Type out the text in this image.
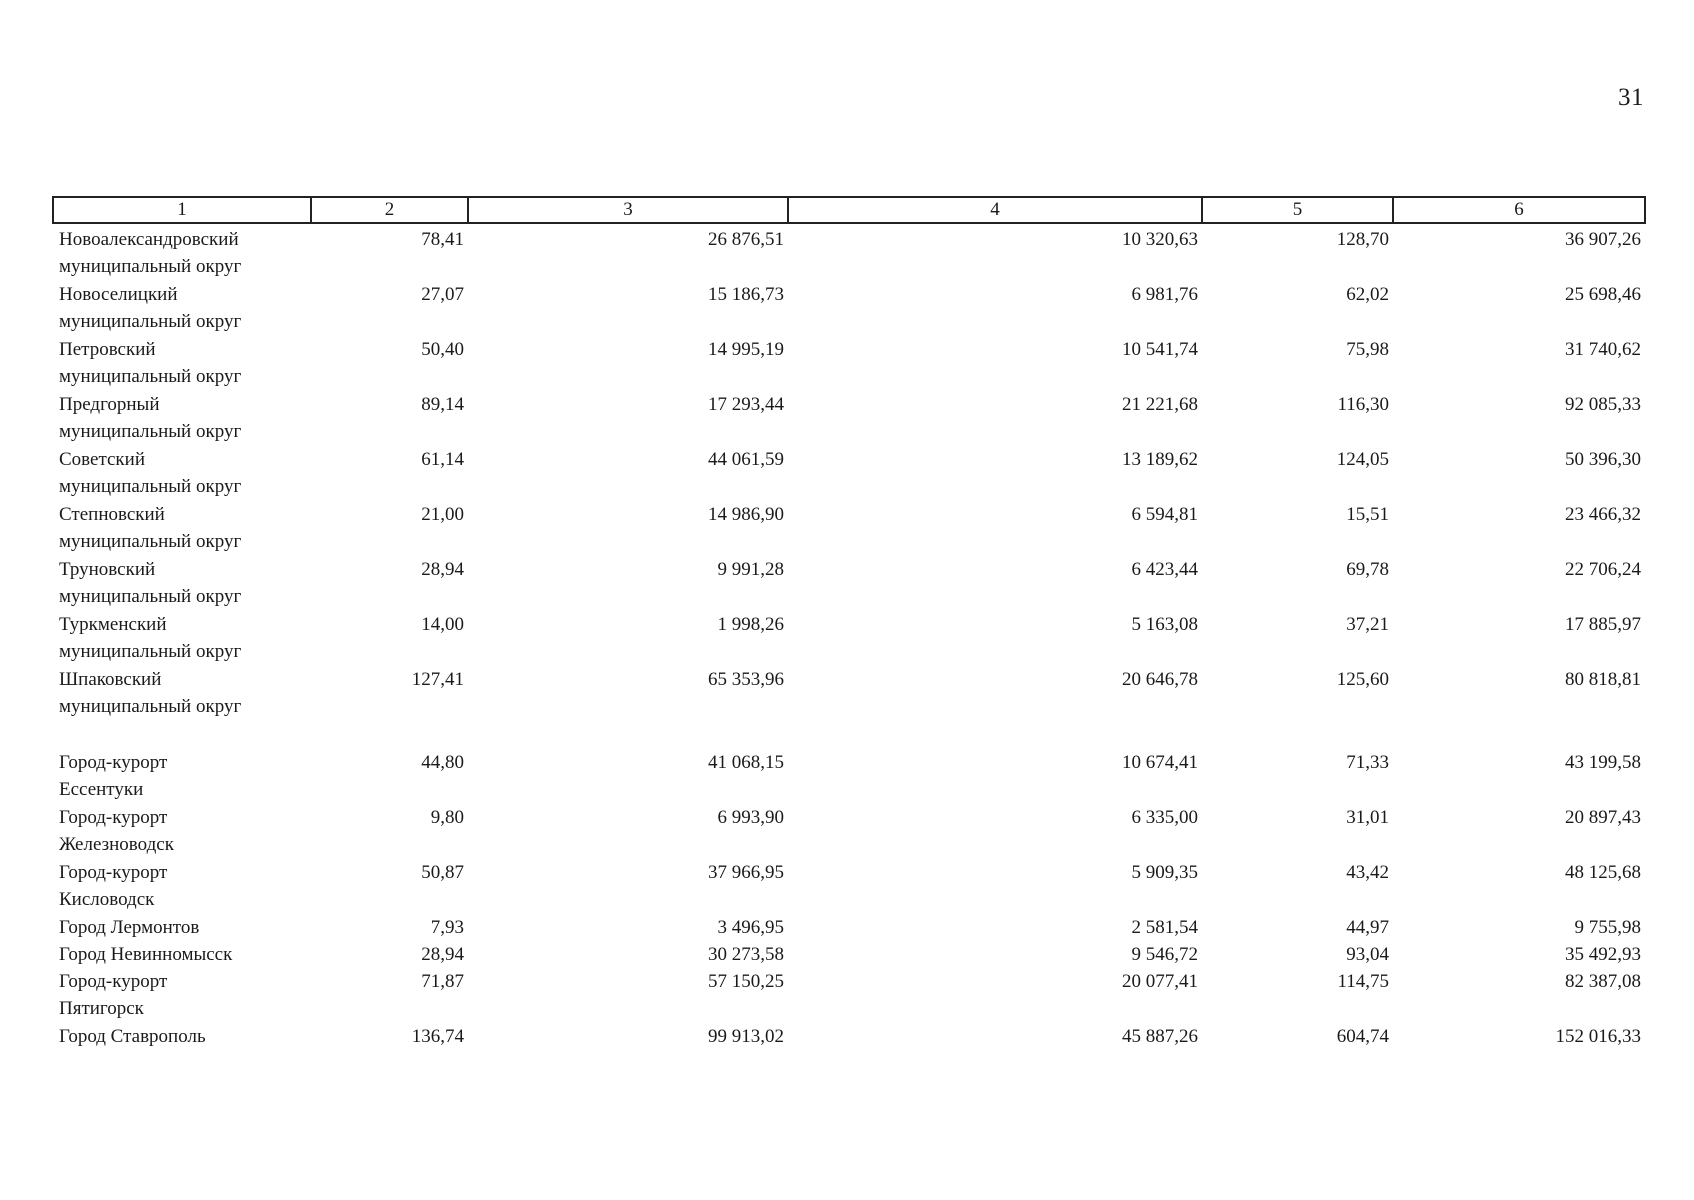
31
1	2	3	4	5	6

Новоалександровский
муниципальный округ	78,41	26 876,51	10 320,63	128,70	36 907,26

Новоселицкий
муниципальный округ	27,07	15 186,73	6 981,76	62,02	25 698,46

Петровский
муниципальный округ	50,40	14 995,19	10 541,74	75,98	31 740,62

Предгорный
муниципальный округ	89,14	17 293,44	21 221,68	116,30	92 085,33

Советский
муниципальный округ	61,14	44 061,59	13 189,62	124,05	50 396,30

Степновский
муниципальный округ	21,00	14 986,90	6 594,81	15,51	23 466,32

Труновский
муниципальный округ	28,94	9 991,28	6 423,44	69,78	22 706,24

Туркменский
муниципальный округ	14,00	1 998,26	5 163,08	37,21	17 885,97

Шпаковский
муниципальный округ	127,41	65 353,96	20 646,78	125,60	80 818,81

Город-курорт
Ессентуки	44,80	41 068,15	10 674,41	71,33	43 199,58

Город-курорт
Железноводск	9,80	6 993,90	6 335,00	31,01	20 897,43

Город-курорт
Кисловодск	50,87	37 966,95	5 909,35	43,42	48 125,68

Город Лермонтов	7,93	3 496,95	2 581,54	44,97	9 755,98

Город Невинномысск	28,94	30 273,58	9 546,72	93,04	35 492,93

Город-курорт
Пятигорск	71,87	57 150,25	20 077,41	114,75	82 387,08

Город Ставрополь	136,74	99 913,02	45 887,26	604,74	152 016,33
